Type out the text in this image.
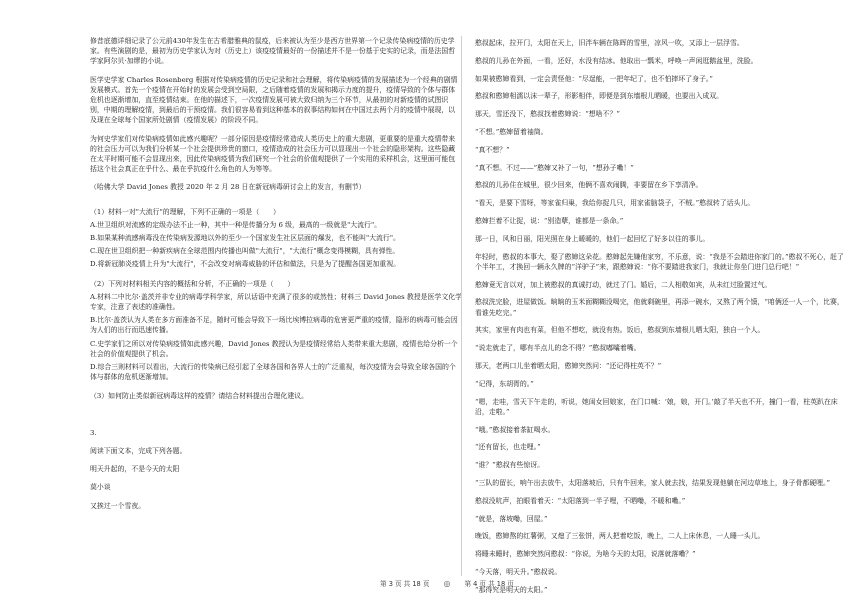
修昔底德详细记录了公元前430年发生在古希腊雅典的鼠疫，后来被认为至少是西方世界第一个记录传染病疫情的历史学家。有些演剧的是，最初为历史学家认为对（历史上）该疫疫情最好的一份描述并不是一份基于史实的记录，而是法国哲学家阿尔贝·加缪的小说。

医学史学家 Charles Rosenberg 根据对传染病疫情的历史记录和社会理解，将传染病疫情的发展描述为一个经典的剧情发展模式。首先一个疫情在开始时的发展会受到空局限，之后随着疫情的发展和揭示力度的提升，疫情导致的个体与群体危机也逐渐增加，直至疫情结束。在他的描述下，一次疫情发展可被大致归纳为三个环节，从最初的对新疫情的试图识别，中期的理解疫情，到最后的干预疫情。我们很容易看到这种基本的叙事结构如何在中国过去两个月的疫情中展现，以及现在全球每个国家所处剧情（疫情发展）的阶段不同。

为何史学家们对传染病疫情如此感兴趣呢？一部分原因是疫情经常造成人类历史上的重大悲剧，更重要的是重大疫情带来的社会压力可以为我们分析某一个社会提供珍贵的窗口，疫情造成的社会压力可以显现出一个社会的隐形架构。这些隐藏在太平时期可能不会显现出来，因此传染病疫情为我们研究一个社会的价值观提供了一个实用的采样机会，这里面可能包括这个社会真正在乎什么、最在乎抗疫什么角色的人为等等。

（哈佛大学 David Jones 教授 2020 年 2 月 28 日在新冠病毒研讨会上的发言，有删节）

（1）材料一对"大流行"的理解，下列不正确的一项是（　　）

A.世卫组织对流感的定级办法不止一种，其中一种是传播分为 6 级，最高的一级就是"大流行"。

B.如果某种流感病毒没在传染病发源地以外的至少一个国家发生社区层面的爆发，也不能叫"大流行"。

C.现在世卫组织把一种新疾病在全球范围内传播也叫做"大流行"，"大流行"概念变得模糊，具有弹性。

D.将新冠肺炎疫情上升为"大流行"，不会改变对病毒威胁的评估和做法，只是为了提醒各国更加重视。

（2）下列对材料相关内容的概括和分析，不正确的一项是（　　）

A.材料二中比尔·盖茨并非专业的病毒学科学家，所以话语中充满了很多的或然性；材料三 David Jones 教授是医学文化学专家，注意了表述的准确性。

B.比尔·盖茨认为人类在多方面准备不足，随时可能会导致下一场比埃博拉病毒的危害更严重的疫情，隐形的病毒可能会因为人们的出行而迅速传播。

C.史学家们之所以对传染病疫情如此感兴趣，David Jones 教授认为是疫情经常给人类带来重大悲剧，疫情也给分析一个社会的价值观提供了机会。

D.综合三则材料可以看出，大流行的传染病已经引起了全球各国和各界人士的广泛重视，每次疫情为会导致全球各国的个体与群体的危机逐渐增加。

（3）如何防止类似新冠病毒这样的疫情？请结合材料提出合理化建议。

3.

阅读下面文本，完成下列各题。

明天升起的，不是今天的太阳

莫小谈

又挨过一个雪夜。

憨叔起床，拉开门，太阳在天上，旧泮车辆在陈晖的雪里，凉风一吹，又添上一层浮雪。

憨叔的儿孙在外面，一看，还好，水没有结冰。他取出一瓢米，呼唤一声闲逛鹅盆里，洗脸。

如果被憨婶看到，一定会责怪他：“尽逞能，一把年纪了，也不怕摔坏了身子。”

憨叔和憨婶相濡以沫一辈子，形影相伴，即便是到东墙根儿晒暖，也要出入成双。

那天，雪还没下，憨叔找着憨婶说：“想啥不？”

“不想。”憨婶留着袖筒。

“真不想？”

“真不想。不过——”憨婶又补了一句，“想孙子嘞！”

憨叔的儿孙住在城里，很少回来，他俩不喜欢闹腾，非要留在乡下享清净。

“看天，是要下雪呀，等家雀归巢，我给你捉几只，用家雀脑袋子，不贼。”憨叔转了话头儿。

憨婶拦着不让捉，说：“别造孽，谁都是一条命。”

那一日，风和日丽，阳光照在身上暖暖的，他们一起回忆了好多以往的事儿。

年轻时，憨叔的本事大，娶了憨婶这朵花。憨婶起先嫌他家穷，不乐意，说：“我是不会踏进你家门的。”憨叔不死心，赶了个半年工，才换回一辆永久牌的“洋驴子”来，跟憨婶说：“你不要踏进我家门，我就让你坐门进门总行吧！”

憨婶竟无言以对，加上被憨叔的真诚打动，就过了门。婚后，二人相敬如宾，从未红过脸置过气。

憨叔洗完脸，进屋做饭。晌晌的玉米面糊糊没喝完，他就剩碗里，再添一碗水，又熬了两个馍，“咱俩还一人一个，比赛，看谁先吃完。”

其实，家里有肉也有菜，但他不想吃，就没有热。饭后，憨叔到东墙根儿晒太阳，独自一个人。

“说走就走了，哪有半点儿的念不得？”憨叔嘟囔着嘴。

那天，老两口儿坐着晒太阳，憨婶突然问：“还记得柱英不？”

“记得，东胡胥的。”

“嗯，走哇，雪天下午走的，听说，她闺女回娘家，在门口喊：‘娘，娘，开门。’敲了半天也不开，撞门一看，柱英趴在床沿，走啦。”

“哦。”憨叔接着茶缸喝水。

“还有留长，也走哩。”

“谁？”憨叔有些惊讶。

“三队的留长，响午出去放牛，太阳落坡后，只有牛回来，家人就去找，结果发现他躺在河边草地上，身子骨都硬哩。”

憨叔没吭声，拍眼看着天：“太阳落到一半子哩，不晒嘞，不暖和嘞。”

“就是，落坡嘞，回屋。”

晚饭，憨婶熬的红薯粥，又熄了三张饼，两人把着吃饭，晚上，二人上床休息，一人睡一头儿。

将睡未睡时，憨婶突然问憨叔：“你说，为啥今天的太阳，说落就落嘞？”

“今天落，明天升。”憨叔说。

“那得究是明天的太阳。”

第 3 页 共 18 页 ◎ 第 4 页 共 18 页
